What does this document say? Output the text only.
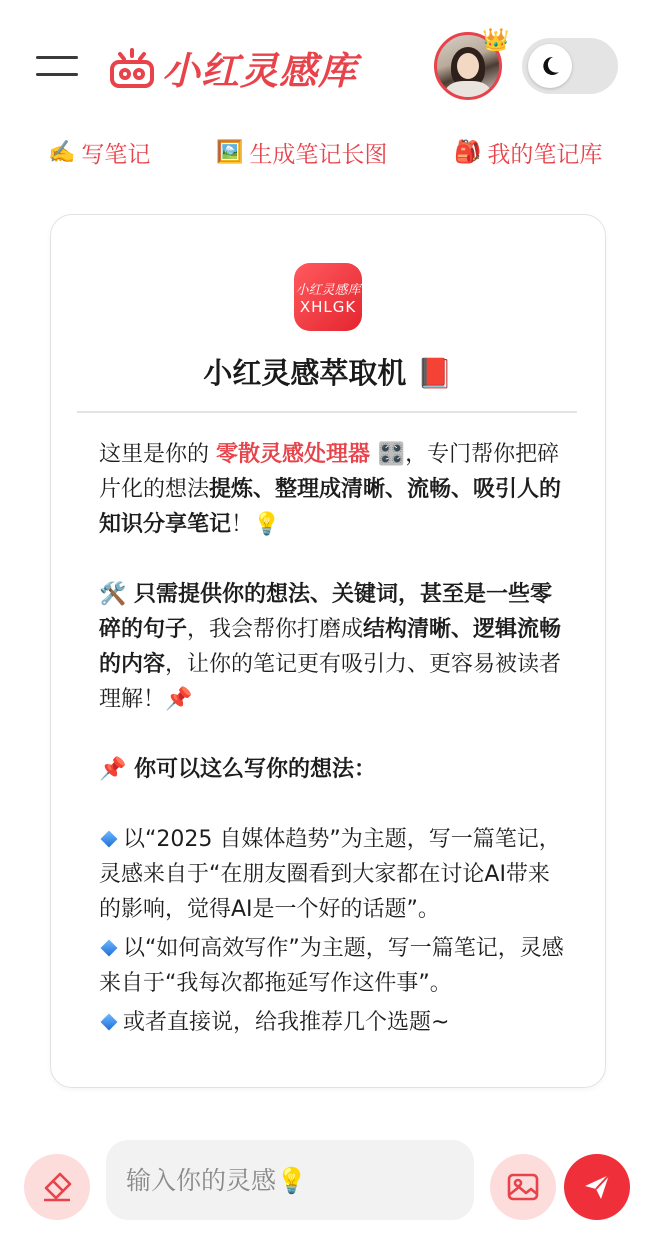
小红灵感库
👑
✍️ 写笔记	🖼️ 生成笔记长图	🎒 我的笔记库
小红灵感库
XHLGK
小红灵感萃取机 📕

这里是你的 零散灵感处理器 🎛️，专门帮你把碎片化的想法提炼、整理成清晰、流畅、吸引人的知识分享笔记！💡

🛠️ 只需提供你的想法、关键词，甚至是一些零碎的句子，我会帮你打磨成结构清晰、逻辑流畅的内容，让你的笔记更有吸引力、更容易被读者理解！📌

📌 你可以这么写你的想法：

以“2025 自媒体趋势”为主题，写一篇笔记，灵感来自于“在朋友圈看到大家都在讨论AI带来的影响，觉得AI是一个好的话题”。

以“如何高效写作”为主题，写一篇笔记，灵感来自于“我每次都拖延写作这件事”。

或者直接说，给我推荐几个选题~

输入你的灵感💡
